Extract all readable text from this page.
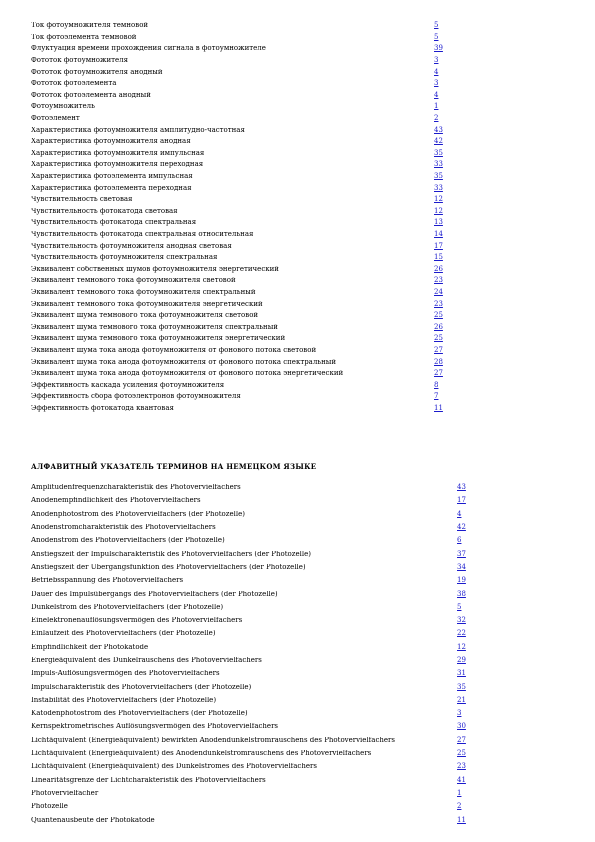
Ток фотоумножителя темновой	5
Ток фотоэлемента темновой	5
Флуктуация времени прохождения сигнала в фотоумножителе	39
Фототок фотоумножителя	3
Фототок фотоумножителя анодный	4
Фототок фотоэлемента	3
Фототок фотоэлемента анодный	4
Фотоумножитель	1
Фотоэлемент	2
Характеристика фотоумножителя амплитудно-частотная	43
Характеристика фотоумножителя анодная	42
Характеристика фотоумножителя импульсная	35
Характеристика фотоумножителя переходная	33
Характеристика фотоэлемента импульсная	35
Характеристика фотоэлемента переходная	33
Чувствительность световая	12
Чувствительность фотокатода световая	12
Чувствительность фотокатода спектральная	13
Чувствительность фотокатода спектральная относительная	14
Чувствительность фотоумножителя анодная световая	17
Чувствительность фотоумножителя спектральная	15
Эквивалент собственных шумов фотоумножителя энергетический	26
Эквивалент темнового тока фотоумножителя световой	23
Эквивалент темнового тока фотоумножителя спектральный	24
Эквивалент темнового тока фотоумножителя энергетический	23
Эквивалент шума темнового тока фотоумножителя световой	25
Эквивалент шума темнового тока фотоумножителя спектральный	26
Эквивалент шума темнового тока фотоумножителя энергетический	25
Эквивалент шума тока анода фотоумножителя от фонового потока световой	27
Эквивалент шума тока анода фотоумножителя от фонового потока спектральный	28
Эквивалент шума тока анода фотоумножителя от фонового потока энергетический	27
Эффективность каскада усиления фотоумножителя	8
Эффективность сбора фотоэлектронов фотоумножителя	7
Эффективность фотокатода квантовая	11
АЛФАВИТНЫЙ УКАЗАТЕЛЬ ТЕРМИНОВ НА НЕМЕЦКОМ ЯЗЫКЕ
Amplitudenfrequenzcharakteristik des Photovervielfachers	43
Anodenempfindlichkeit des Photovervielfachers	17
Anodenphotostrom des Photovervielfachers (der Photozelle)	4
Anodenstromcharakteristik des Photovervielfachers	42
Anodenstrom des Photovervielfachers (der Photozelle)	6
Anstiegszeit der Impulscharakteristik des Photovervielfachers (der Photozelle)	37
Anstiegszeit der Übergangsfunktion des Photovervielfachers (der Photozelle)	34
Betriebsspannung des Photovervielfachers	19
Dauer des Impulsübergangs des Photovervielfachers (der Photozelle)	38
Dunkelstrom des Photovervielfachers (der Photozelle)	5
Einelektronenauflösungsvermögen des Photovervielfachers	32
Einlaufzeit des Photovervielfachers (der Photozelle)	22
Empfindlichkeit der Photokatode	12
Energieäquivalent des Dunkelrauschens des Photovervielfachers	29
Impuls-Auflösungsvermögen des Photovervielfachers	31
Impulscharakteristik des Photovervielfachers (der Photozelle)	35
Instabilität des Photovervielfachers (der Photozelle)	21
Katodenphotostrom des Photovervielfachers (der Photozelle)	3
Kernspektrometrisches Auflösungsvermögen des Photovervielfachers	30
Lichtäquivalent (Energieäquivalent) bewirkten Anodendunkelstromrauschens des Photovervielfachers	27
Lichtäquivalent (Energieäquivalent) des Anodendunkelstromrauschens des Photovervielfachers	25
Lichtäquivalent (Energieäquivalent) des Dunkelstromes des Photovervielfachers	23
Linearitätsgrenze der Lichtcharakteristik des Photovervielfachers	41
Photovervielfacher	1
Photozelle	2
Quantenausbeute der Photokatode	11
